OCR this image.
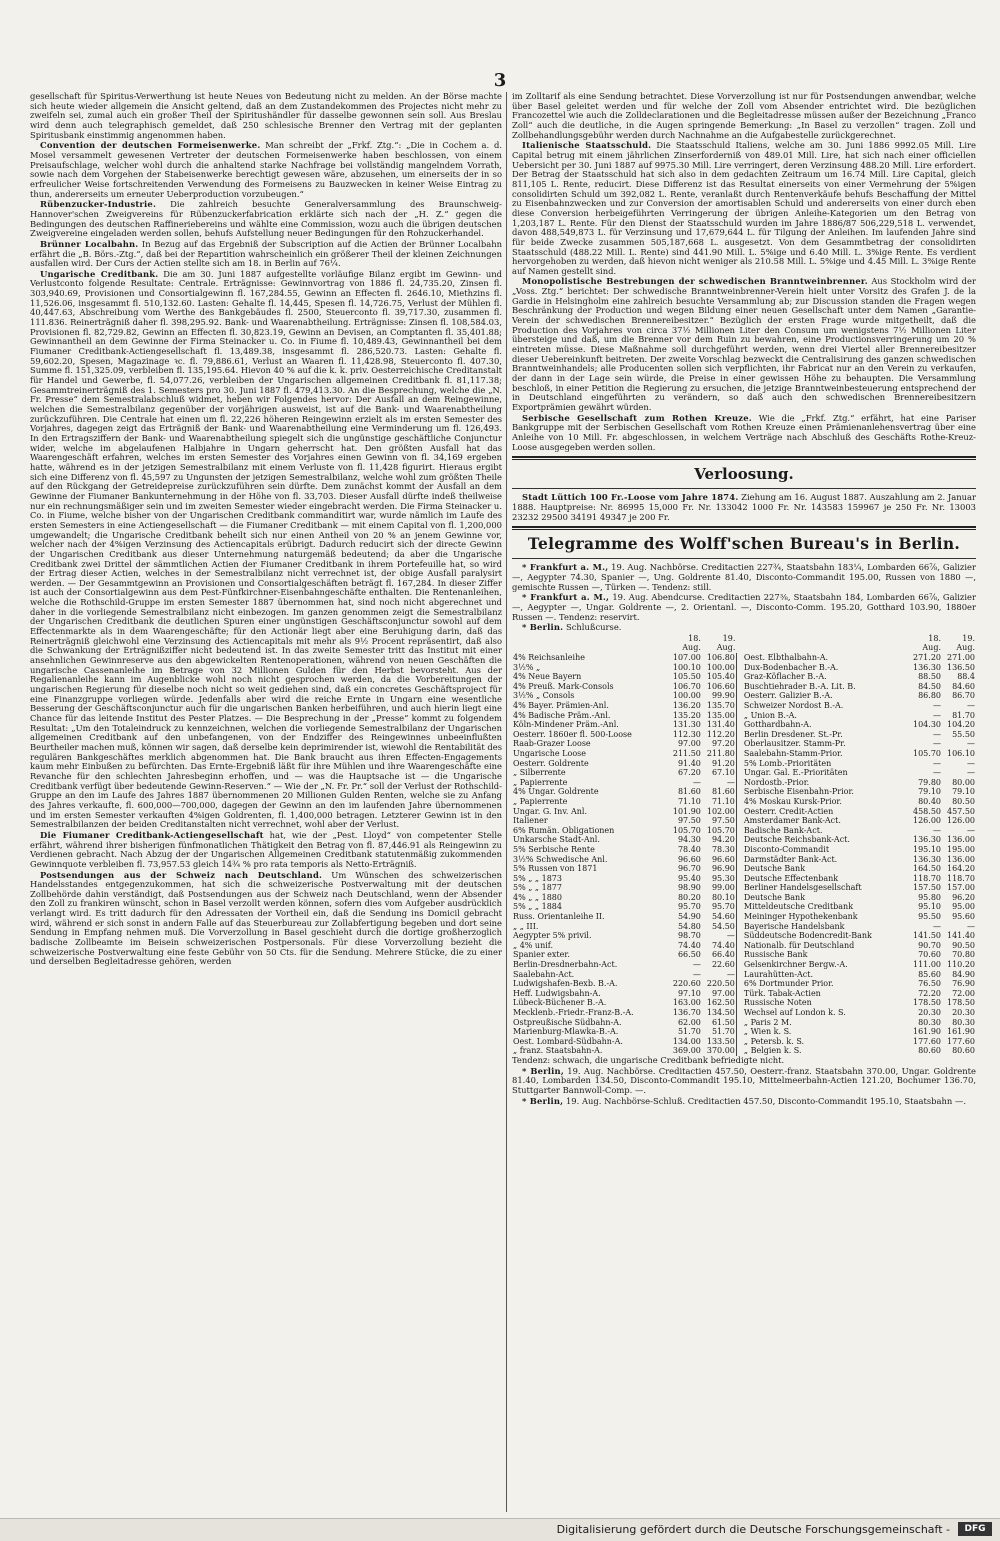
3

gesellschaft für Spiritus-Verwerthung ist heute Neues von Bedeutung nicht zu melden. An der Börse machte sich heute wieder allgemein die Ansicht geltend, daß an dem Zustandekommen des Projectes nicht mehr zu zweifeln sei, zumal auch ein großer Theil der Spiritushändler für dasselbe gewonnen sein soll. Aus Breslau wird denn auch telegraphisch gemeldet, daß 250 schlesische Brenner den Vertrag mit der geplanten Spiritusbank einstimmig angenommen haben.

Convention der deutschen Formeisenwerke. Man schreibt der „Frkf. Ztg.“: „Die in Cochem a. d. Mosel versammelt gewesenen Vertreter der deutschen Formeisenwerke haben beschlossen, von einem Preisaufschlage, welcher wohl durch die anhaltend starke Nachfrage bei vollständig mangelndem Vorrath, sowie nach dem Vorgehen der Stabeisenwerke berechtigt gewesen wäre, abzusehen, um einerseits der in so erfreulicher Weise fortschreitenden Verwendung des Formeisens zu Bauzwecken in keiner Weise Eintrag zu thun, andererseits um erneuter Ueberproduction vorzubeugen.“

Rübenzucker-Industrie. Die zahlreich besuchte Generalversammlung des Braunschweig-Hannover'schen Zweigvereins für Rübenzuckerfabrication erklärte sich nach der „H. Z.“ gegen die Bedingungen des deutschen Raffineriebereins und wählte eine Commission, wozu auch die übrigen deutschen Zweigvereine eingeladen werden sollen, behufs Aufstellung neuer Bedingungen für den Rohzuckerhandel.

Brünner Localbahn. In Bezug auf das Ergebniß der Subscription auf die Actien der Brünner Localbahn erfährt die „B. Börs.-Ztg.“, daß bei der Repartition wahrscheinlich ein größerer Theil der kleinen Zeichnungen ausfallen wird. Der Curs der Actien stellte sich am 18. in Berlin auf 76¼.

Ungarische Creditbank. Die am 30. Juni 1887 aufgestellte vorläufige Bilanz ergibt im Gewinn- und Verlustconto folgende Resultate: Centrale. Erträgnisse: Gewinnvortrag von 1886 fl. 24,735.20, Zinsen fl. 303,940.69, Provisionen und Consortialgewinn fl. 167,284.55, Gewinn an Effecten fl. 2646.10, Miethzins fl. 11,526.06, insgesammt fl. 510,132.60. Lasten: Gehalte fl. 14,445, Spesen fl. 14,726.75, Verlust der Mühlen fl. 40,447.63, Abschreibung vom Werthe des Bankgebäudes fl. 2500, Steuerconto fl. 39,717.30, zusammen fl. 111.836. Reinerträgniß daher fl. 398,295.92. Bank- und Waarenabtheilung. Erträgnisse: Zinsen fl. 108,584.03, Provisionen fl. 82,729.82, Gewinn an Effecten fl. 30,823.19, Gewinn an Devisen, an Comptanten fl. 35,401.88; Gewinnantheil an dem Gewinne der Firma Steinacker u. Co. in Fiume fl. 10,489.43, Gewinnantheil bei dem Fiumaner Creditbank-Actiengesellschaft fl. 13,489.38, insgesammt fl. 286,520.73. Lasten: Gehalte fl. 59,602.20, Spesen, Magazinage ꝛc. fl. 79,886.61, Verlust an Waaren fl. 11,428.98, Steuerconto fl. 407.30, Summe fl. 151,325.09, verbleiben fl. 135,195.64. Hievon 40 % auf die k. k. priv. Oesterreichische Creditanstalt für Handel und Gewerbe, fl. 54,077.26, verbleiben der Ungarischen allgemeinen Creditbank fl. 81,117.38; Gesammtreinerträgniß des 1. Semesters pro 30. Juni 1887 fl. 479,413.30. An die Besprechung, welche die „N. Fr. Presse“ dem Semestralabschluß widmet, heben wir Folgendes hervor: Der Ausfall an dem Reingewinne, welchen die Semestralbilanz gegenüber der vorjährigen ausweist, ist auf die Bank- und Waarenabtheilung zurückzuführen. Die Centrale hat einen um fl. 22,226 höheren Reingewinn erzielt als im ersten Semester des Vorjahres, dagegen zeigt das Erträgniß der Bank- und Waarenabtheilung eine Verminderung um fl. 126,493. In den Ertragsziffern der Bank- und Waarenabtheilung spiegelt sich die ungünstige geschäftliche Conjunctur wider, welche im abgelaufenen Halbjahre in Ungarn geherrscht hat. Den größten Ausfall hat das Waarengeschäft erfahren, welches im ersten Semester des Vorjahres einen Gewinn von fl. 34,169 ergeben hatte, während es in der jetzigen Semestralbilanz mit einem Verluste von fl. 11,428 figurirt. Hieraus ergibt sich eine Differenz von fl. 45,597 zu Ungunsten der jetzigen Semestralbilanz, welche wohl zum größten Theile auf den Rückgang der Getreidepreise zurückzuführen sein dürfte. Dem zunächst kommt der Ausfall an dem Gewinne der Fiumaner Bankunternehmung in der Höhe von fl. 33,703. Dieser Ausfall dürfte indeß theilweise nur ein rechnungsmäßiger sein und im zweiten Semester wieder eingebracht werden. Die Firma Steinacker u. Co. in Fiume, welche bisher von der Ungarischen Creditbank commanditirt war, wurde nämlich im Laufe des ersten Semesters in eine Actiengesellschaft — die Fiumaner Creditbank — mit einem Capital von fl. 1,200,000 umgewandelt; die Ungarische Creditbank beheilt sich nur einen Antheil von 20 % an jenem Gewinne vor, welcher nach der 4%igen Verzinsung des Actiencapitals erübrigt. Dadurch reducirt sich der directe Gewinn der Ungarischen Creditbank aus dieser Unternehmung naturgemäß bedeutend; da aber die Ungarische Creditbank zwei Drittel der sämmtlichen Actien der Fiumaner Creditbank in ihrem Portefeuille hat, so wird der Ertrag dieser Actien, welches in der Semestralbilanz nicht verrechnet ist, der obige Ausfall paralysirt werden. — Der Gesammtgewinn an Provisionen und Consortialgeschäften beträgt fl. 167,284. In dieser Ziffer ist auch der Consortialgewinn aus dem Pest-Fünfkirchner-Eisenbahngeschäfte enthalten. Die Rentenanleihen, welche die Rothschild-Gruppe im ersten Semester 1887 übernommen hat, sind noch nicht abgerechnet und daher in die vorliegende Semestralbilanz nicht einbezogen. Im ganzen genommen zeigt die Semestralbilanz der Ungarischen Creditbank die deutlichen Spuren einer ungünstigen Geschäftsconjunctur sowohl auf dem Effectenmarkte als in dem Waarengeschäfte; für den Actionär liegt aber eine Beruhigung darin, daß das Reinerträgniß gleichwohl eine Verzinsung des Actiencapitals mit mehr als 9½ Procent repräsentirt, daß also die Schwankung der Erträgnißziffer nicht bedeutend ist. In das zweite Semester tritt das Institut mit einer ansehnlichen Gewinnreserve aus den abgewickelten Rentenoperationen, während von neuen Geschäften die ungarische Cassenanleihe im Betrage von 32 Millionen Gulden für den Herbst bevorsteht. Aus der Regalienanleihe kann im Augenblicke wohl noch nicht gesprochen werden, da die Vorbereitungen der ungarischen Regierung für dieselbe noch nicht so weit gediehen sind, daß ein concretes Geschäftsproject für eine Finanzgruppe vorliegen würde. Jedenfalls aber wird die reiche Ernte in Ungarn eine wesentliche Besserung der Geschäftsconjunctur auch für die ungarischen Banken herbeiführen, und auch hierin liegt eine Chance für das leitende Institut des Pester Platzes. — Die Besprechung in der „Presse“ kommt zu folgendem Resultat: „Um den Totaleindruck zu kennzeichnen, welchen die vorliegende Semestralbilanz der Ungarischen allgemeinen Creditbank auf den unbefangenen, von der Endziffer des Reingewinnes unbeeinflußten Beurtheiler machen muß, können wir sagen, daß derselbe kein deprimirender ist, wiewohl die Rentabilität des regulären Bankgeschäftes merklich abgenommen hat. Die Bank braucht aus ihren Effecten-Engagements kaum mehr Einbußen zu befürchten. Das Ernte-Ergebniß läßt für ihre Mühlen und ihre Waarengeschäfte eine Revanche für den schlechten Jahresbeginn erhoffen, und — was die Hauptsache ist — die Ungarische Creditbank verfügt über bedeutende Gewinn-Reserven.“ — Wie der „N. Fr. Pr.“ soll der Verlust der Rothschild-Gruppe an den im Laufe des Jahres 1887 übernommenen 20 Millionen Gulden Renten, welche sie zu Anfang des Jahres verkaufte, fl. 600,000—700,000, dagegen der Gewinn an den im laufenden Jahre übernommenen und im ersten Semester verkauften 4%igen Goldrenten, fl. 1,400,000 betragen. Letzterer Gewinn ist in den Semestralbilanzen der beiden Creditanstalten nicht verrechnet, wohl aber der Verlust.

Die Fiumaner Creditbank-Actiengesellschaft hat, wie der „Pest. Lloyd“ von competenter Stelle erfährt, während ihrer bisherigen fünfmonatlichen Thätigkeit den Betrag von fl. 87,446.91 als Reingewinn zu Verdienen gebracht. Nach Abzug der der Ungarischen Allgemeinen Creditbank statutenmäßig zukommenden Gewinnquote verbleiben fl. 73,957.53 gleich 14¾ % pro rata temporis als Netto-Erträgniß.

Postsendungen aus der Schweiz nach Deutschland. Um Wünschen des schweizerischen Handelsstandes entgegenzukommen, hat sich die schweizerische Postverwaltung mit der deutschen Zollbehörde dahin verständigt, daß Postsendungen aus der Schweiz nach Deutschland, wenn der Absender den Zoll zu frankiren wünscht, schon in Basel verzollt werden können, sofern dies vom Aufgeber ausdrücklich verlangt wird. Es tritt dadurch für den Adressaten der Vortheil ein, daß die Sendung ins Domicil gebracht wird, während er sich sonst in andern Falle auf das Steuerbureau zur Zollabfertigung begeben und dort seine Sendung in Empfang nehmen muß. Die Vorverzollung in Basel geschieht durch die dortige großherzoglich badische Zollbeamte im Beisein schweizerischen Postpersonals. Für diese Vorverzollung bezieht die schweizerische Postverwaltung eine feste Gebühr von 50 Cts. für die Sendung. Mehrere Stücke, die zu einer und derselben Begleitadresse gehören, werden

im Zolltarif als eine Sendung betrachtet. Diese Vorverzollung ist nur für Postsendungen anwendbar, welche über Basel geleitet werden und für welche der Zoll vom Absender entrichtet wird. Die bezüglichen Francozettel wie auch die Zolldeclarationen und die Begleitadresse müssen außer der Bezeichnung „Franco Zoll“ auch die deutliche, in die Augen springende Bemerkung: „In Basel zu verzollen“ tragen. Zoll und Zollbehandlungsgebühr werden durch Nachnahme an die Aufgabestelle zurückgerechnet.

Italienische Staatsschuld. Die Staatsschuld Italiens, welche am 30. Juni 1886 9992.05 Mill. Lire Capital betrug mit einem jährlichen Zinserforderniß von 489.01 Mill. Lire, hat sich nach einer officiellen Uebersicht per 30. Juni 1887 auf 9975.30 Mill. Lire verringert, deren Verzinsung 488.20 Mill. Lire erfordert. Der Betrag der Staatsschuld hat sich also in dem gedachten Zeitraum um 16.74 Mill. Lire Capital, gleich 811,105 L. Rente, reducirt. Diese Differenz ist das Resultat einerseits von einer Vermehrung der 5%igen consolidirten Schuld um 392,082 L. Rente, veranlaßt durch Rentenverkäufe behufs Beschaffung der Mittel zu Eisenbahnzwecken und zur Conversion der amortisablen Schuld und andererseits von einer durch eben diese Conversion herbeigeführten Verringerung der übrigen Anleihe-Kategorien um den Betrag von 1,203,187 L. Rente. Für den Dienst der Staatsschuld wurden im Jahre 1886/87 506,229,518 L. verwendet, davon 488,549,873 L. für Verzinsung und 17,679,644 L. für Tilgung der Anleihen. Im laufenden Jahre sind für beide Zwecke zusammen 505,187,668 L. ausgesetzt. Von dem Gesammtbetrag der consolidirten Staatsschuld (488.22 Mill. L. Rente) sind 441.90 Mill. L. 5%ige und 6.40 Mill. L. 3%ige Rente. Es verdient hervorgehoben zu werden, daß hievon nicht weniger als 210.58 Mill. L. 5%ige und 4.45 Mill. L. 3%ige Rente auf Namen gestellt sind.

Monopolistische Bestrebungen der schwedischen Branntweinbrenner. Aus Stockholm wird der „Voss. Ztg.“ berichtet: Der schwedische Branntweinbrenner-Verein hielt unter Vorsitz des Grafen J. de la Gardie in Helsingholm eine zahlreich besuchte Versammlung ab; zur Discussion standen die Fragen wegen Beschränkung der Production und wegen Bildung einer neuen Gesellschaft unter dem Namen „Garantie-Verein der schwedischen Brennereibesitzer.“ Bezüglich der ersten Frage wurde mitgetheilt, daß die Production des Vorjahres von circa 37½ Millionen Liter den Consum um wenigstens 7½ Millionen Liter übersteige und daß, um die Brenner vor dem Ruin zu bewahren, eine Productionsverringerung um 20 % eintreten müsse. Diese Maßnahme soll durchgeführt werden, wenn drei Viertel aller Brennereibesitzer dieser Uebereinkunft beitreten. Der zweite Vorschlag bezweckt die Centralisirung des ganzen schwedischen Branntweinhandels; alle Producenten sollen sich verpflichten, ihr Fabricat nur an den Verein zu verkaufen, der dann in der Lage sein würde, die Preise in einer gewissen Höhe zu behaupten. Die Versammlung beschloß, in einer Petition die Regierung zu ersuchen, die jetzige Branntweinbesteuerung entsprechend der in Deutschland eingeführten zu verändern, so daß auch den schwedischen Brennereibesitzern Exportprämien gewährt würden.

Serbische Gesellschaft zum Rothen Kreuze. Wie die „Frkf. Ztg.“ erfährt, hat eine Pariser Bankgruppe mit der Serbischen Gesellschaft vom Rothen Kreuze einen Prämienanlehensvertrag über eine Anleihe von 10 Mill. Fr. abgeschlossen, in welchem Verträge nach Abschluß des Geschäfts Rothe-Kreuz-Loose ausgegeben werden sollen.

Verloosung.

Stadt Lüttich 100 Fr.-Loose vom Jahre 1874. Ziehung am 16. August 1887. Auszahlung am 2. Januar 1888. Hauptpreise: Nr. 86995 15,000 Fr. Nr. 133042 1000 Fr. Nr. 143583 159967 je 250 Fr. Nr. 13003 23232 29500 34191 49347 je 200 Fr.

Telegramme des Wolff'schen Bureau's in Berlin.

* Frankfurt a. M., 19. Aug. Nachbörse. Creditactien 227¾, Staatsbahn 183¼, Lombarden 66⅞, Galizier —, Aegypter 74.30, Spanier —, Ung. Goldrente 81.40, Disconto-Commandit 195.00, Russen von 1880 —, gemischte Russen —, Türken —. Tendenz: still.

* Frankfurt a. M., 19. Aug. Abendcurse. Creditactien 227⅜, Staatsbahn 184, Lombarden 66⅞, Galizier —, Aegypter —, Ungar. Goldrente —, 2. Orientanl. —, Disconto-Comm. 195.20, Gotthard 103.90, 1880er Russen —. Tendenz: reservirt.

* Berlin. Schlußcurse.

	18. Aug.	19. Aug.			18. Aug.	19. Aug.
4% Reichsanleihe	107.00	106.80		Oest. Elbthalbahn-A.	271.20	271.00
3½% „	100.10	100.00		Dux-Bodenbacher B.-A.	136.30	136.50
4% Neue Bayern	105.50	105.40		Graz-Köflacher B.-A.	88.50	88.4
4% Preuß. Mark-Consols	106.70	106.60		Buschtiehrader B.-A. Lit. B.	84.50	84.60
3½% „ Consols	100.00	99.90		Oesterr. Galizier B.-A.	86.80	86.70
4% Bayer. Prämien-Anl.	136.20	135.70		Schweizer Nordost B.-A.	—	—
4% Badische Präm.-Anl.	135.20	135.00		„ Union B.-A.	—	81.70
Köln-Mindener Präm.-Anl.	131.30	131.40		Gotthardbahn-A.	104.30	104.20
Oesterr. 1860er fl. 500-Loose	112.30	112.20		Berlin Dresdener. St.-Pr.	—	55.50
Raab-Grazer Loose	97.00	97.20		Oberlausitzer. Stamm-Pr.	—	—
Ungarische Loose	211.50	211.80		Saalebahn-Stamm-Prior.	105.70	106.10
Oesterr. Goldrente	91.40	91.20		5% Lomb.-Prioritäten	—	—
„ Silberrente	67.20	67.10		Ungar. Gal. E.-Prioritäten	—	—
„ Papierrente	—	—		Nordostb.-Prior.	79.80	80.00
4% Ungar. Goldrente	81.60	81.60		Serbische Eisenbahn-Prior.	79.10	79.10
„ Papierrente	71.10	71.10		4% Moskau Kursk-Prior.	80.40	80.50
Ungar. G. Inv. Anl.	101.90	102.00		Oesterr. Credit-Actien	458.50	457.50
Italiener	97.50	97.50		Amsterdamer Bank-Act.	126.00	126.00
6% Rumän. Obligationen	105.70	105.70		Badische Bank-Act.	—	—
Unkarsche Stadt-Anl.	94.30	94.20		Deutsche Reichsbank-Act.	136.30	136.00
5% Serbische Rente	78.40	78.30		Disconto-Commandit	195.10	195.00
3½% Schwedische Anl.	96.60	96.60		Darmstädter Bank-Act.	136.30	136.00
5% Russen von 1871	96.70	96.90		Deutsche Bank	164.50	164.20
5% „ „ 1873	95.40	95.30		Deutsche Effectenbank	118.70	118.70
5% „ „ 1877	98.90	99.00		Berliner Handelsgesellschaft	157.50	157.00
4% „ „ 1880	80.20	80.10		Deutsche Bank	95.80	96.20
5% „ „ 1884	95.70	95.70		Mitteldeutsche Creditbank	95.10	95.00
Russ. Orientanleihe II.	54.90	54.60		Meininger Hypothekenbank	95.50	95.60
„ „ III.	54.80	54.50		Bayerische Handelsbank	—	—
Aegypter 5% privil.	98.70	—		Süddeutsche Bodencredit-Bank	141.50	141.40
„ 4% unif.	74.40	74.40		Nationalb. für Deutschland	90.70	90.50
Spanier exter.	66.50	66.40		Russische Bank	70.60	70.80
Berlin-Dresdnerbahn-Act.	—	22.60		Gelsenkirchner Bergw.-A.	111.00	110.20
Saalebahn-Act.	—	—		Laurahütten-Act.	85.60	84.90
Ludwigshafen-Bexb. B.-A.	220.60	220.50		6% Dortmunder Prior.	76.50	76.90
Heff. Ludwigsbahn-A.	97.10	97.00		Türk. Tabak-Actien	72.20	72.00
Lübeck-Büchener B.-A.	163.00	162.50		Russische Noten	178.50	178.50
Mecklenb.-Friedr.-Franz-B.-A.	136.70	134.50		Wechsel auf London k. S.	20.30	20.30
Ostpreußische Südbahn-A.	62.00	61.50		„ Paris 2 M.	80.30	80.30
Marienburg-Mlawka-B.-A.	51.70	51.70		„ Wien k. S.	161.90	161.90
Oest. Lombard-Südbahn-A.	134.00	133.50		„ Petersb. k. S.	177.60	177.60
„ franz. Staatsbahn-A.	369.00	370.00		„ Belgien k. S.	80.60	80.60

Tendenz: schwach, die ungarische Creditbank befriedigte nicht.

* Berlin, 19. Aug. Nachbörse. Creditactien 457.50, Oesterr.-franz. Staatsbahn 370.00, Ungar. Goldrente 81.40, Lombarden 134.50, Disconto-Commandit 195.10, Mittelmeerbahn-Actien 121.20, Bochumer 136.70, Stuttgarter Bannwoll-Comp. —.

* Berlin, 19. Aug. Nachbörse-Schluß. Creditactien 457.50, Disconto-Commandit 195.10, Staatsbahn —.

Digitalisierung gefördert durch die Deutsche Forschungsgemeinschaft -	DFG
